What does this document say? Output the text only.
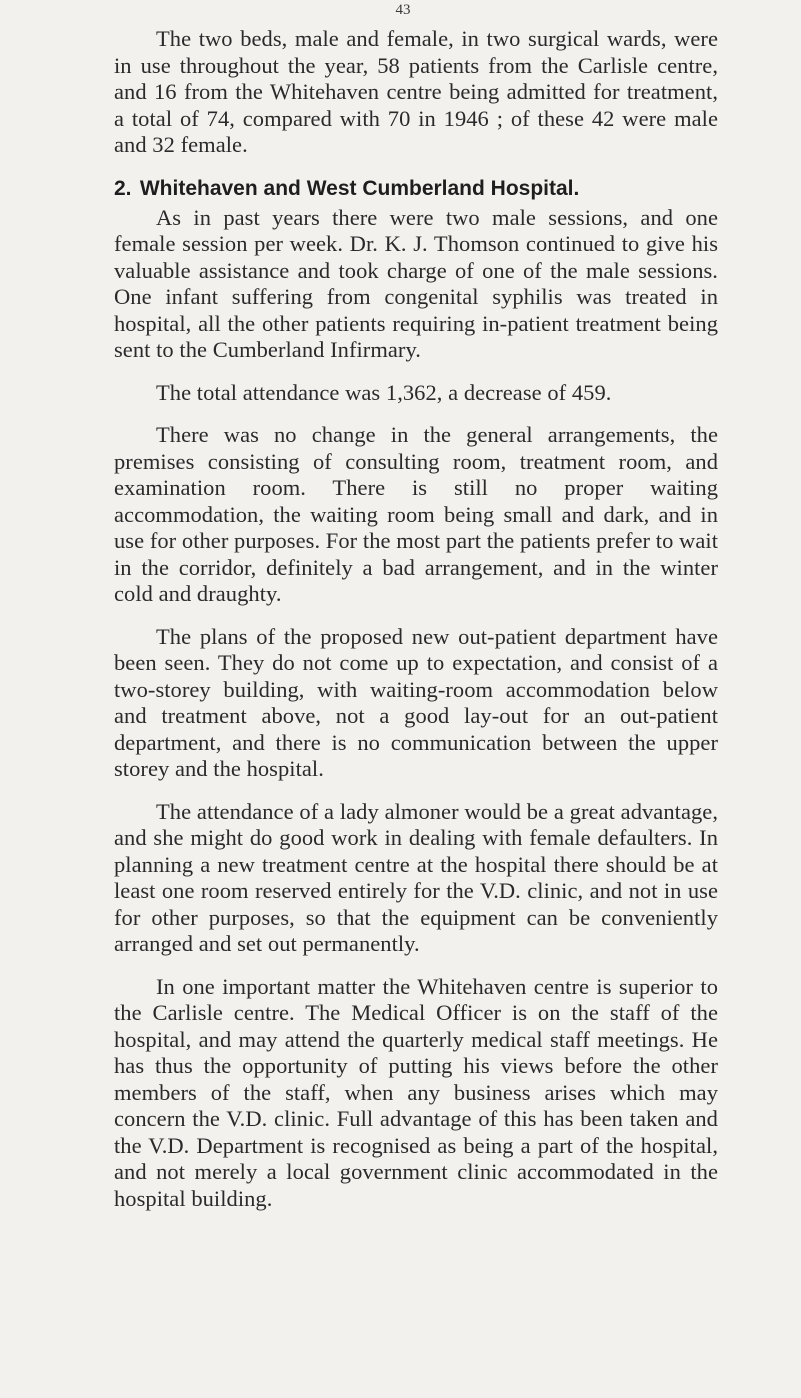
43

The two beds, male and female, in two surgical wards, were in use throughout the year, 58 patients from the Carlisle centre, and 16 from the Whitehaven centre being admitted for treatment, a total of 74, compared with 70 in 1946 ; of these 42 were male and 32 female.

2. Whitehaven and West Cumberland Hospital.

As in past years there were two male sessions, and one female session per week. Dr. K. J. Thomson continued to give his valuable assistance and took charge of one of the male sessions. One infant suffering from congenital syphilis was treated in hospital, all the other patients requiring in-patient treatment being sent to the Cumberland Infirmary.

The total attendance was 1,362, a decrease of 459.

There was no change in the general arrangements, the premises consisting of consulting room, treatment room, and examination room. There is still no proper waiting accommodation, the waiting room being small and dark, and in use for other purposes. For the most part the patients prefer to wait in the corridor, definitely a bad arrangement, and in the winter cold and draughty.

The plans of the proposed new out-patient department have been seen. They do not come up to expectation, and consist of a two-storey building, with waiting-room accommodation below and treatment above, not a good lay-out for an out-patient department, and there is no communication between the upper storey and the hospital.

The attendance of a lady almoner would be a great advantage, and she might do good work in dealing with female defaulters. In planning a new treatment centre at the hospital there should be at least one room reserved entirely for the V.D. clinic, and not in use for other purposes, so that the equipment can be conveniently arranged and set out permanently.

In one important matter the Whitehaven centre is superior to the Carlisle centre. The Medical Officer is on the staff of the hospital, and may attend the quarterly medical staff meetings. He has thus the opportunity of putting his views before the other members of the staff, when any business arises which may concern the V.D. clinic. Full advantage of this has been taken and the V.D. Department is recognised as being a part of the hospital, and not merely a local government clinic accommodated in the hospital building.
